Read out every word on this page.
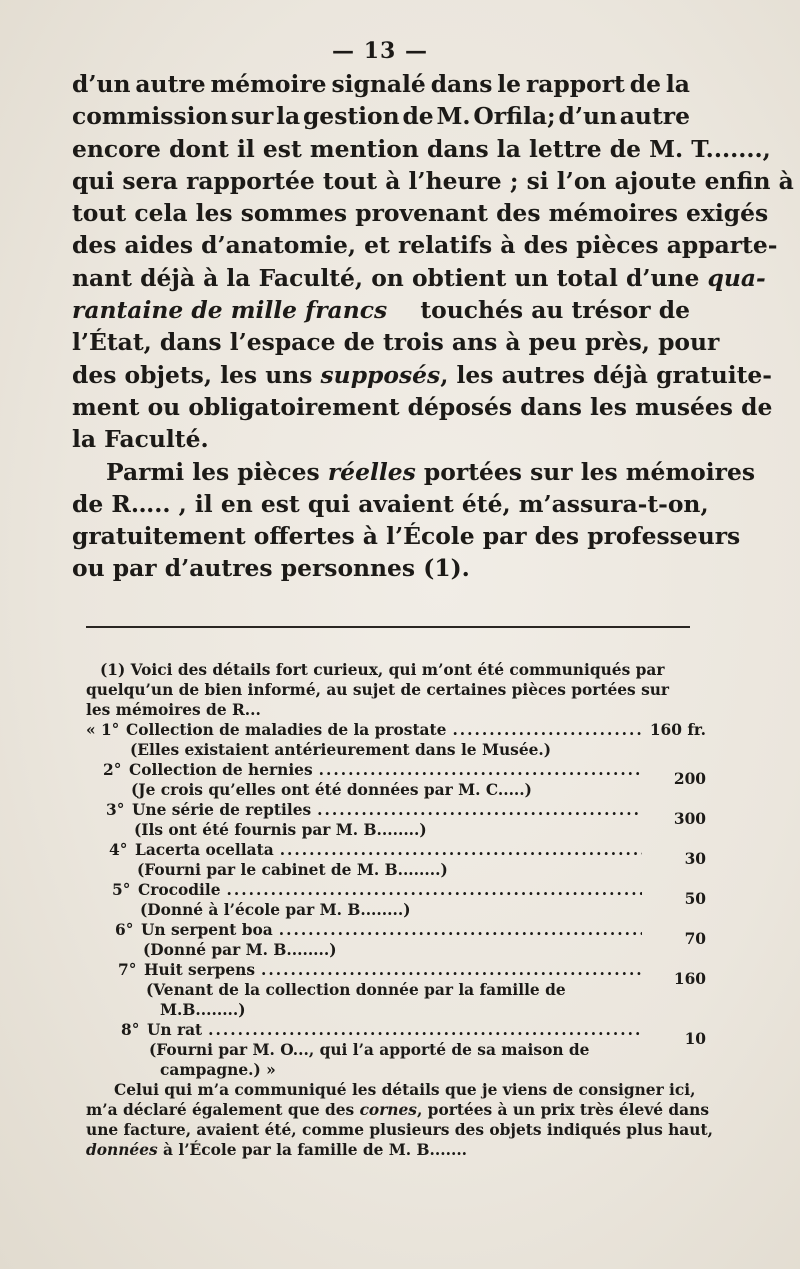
— 13 —
d’un autre mémoire signalé dans le rapport de la
commission sur la gestion de M. Orfila; d’un autre
encore dont il est mention dans la lettre de M. T.......,
qui sera rapportée tout à l’heure ; si l’on ajoute enfin à
tout cela les sommes provenant des mémoires exigés
des aides d’anatomie, et relatifs à des pièces apparte-
nant déjà à la Faculté, on obtient un total d’une qua-
rantaine de mille francs touchés au trésor de
l’État, dans l’espace de trois ans à peu près, pour
des objets, les uns supposés, les autres déjà gratuite-
ment ou obligatoirement déposés dans les musées de
la Faculté.
Parmi les pièces réelles portées sur les mémoires
de R….. , il en est qui avaient été, m’assura-t-on,
gratuitement offertes à l’École par des professeurs
ou par d’autres personnes (1).
(1) Voici des détails fort curieux, qui m’ont été communiqués par
quelqu’un de bien informé, au sujet de certaines pièces portées sur
les mémoires de R...
« 1° Collection de maladies de la prostate .....	160 fr.
(Elles existaient antérieurement dans le Musée.)
2° Collection de hernies .....	200
(Je crois qu’elles ont été données par M. C.....)
3° Une série de reptiles .....	300
(Ils ont été fournis par M. B........)
4° Lacerta ocellata .....	30
(Fourni par le cabinet de M. B........)
5° Crocodile .....	50
(Donné à l’école par M. B........)
6° Un serpent boa .....	70
(Donné par M. B........)
7° Huit serpens .....	160
(Venant de la collection donnée par la famille de
M.B........)
8° Un rat .....	10
(Fourni par M. O..., qui l’a apporté de sa maison de
campagne.) »
Celui qui m’a communiqué les détails que je viens de consigner ici,
m’a déclaré également que des cornes, portées à un prix très élevé dans
une facture, avaient été, comme plusieurs des objets indiqués plus haut,
données à l’École par la famille de M. B.......
